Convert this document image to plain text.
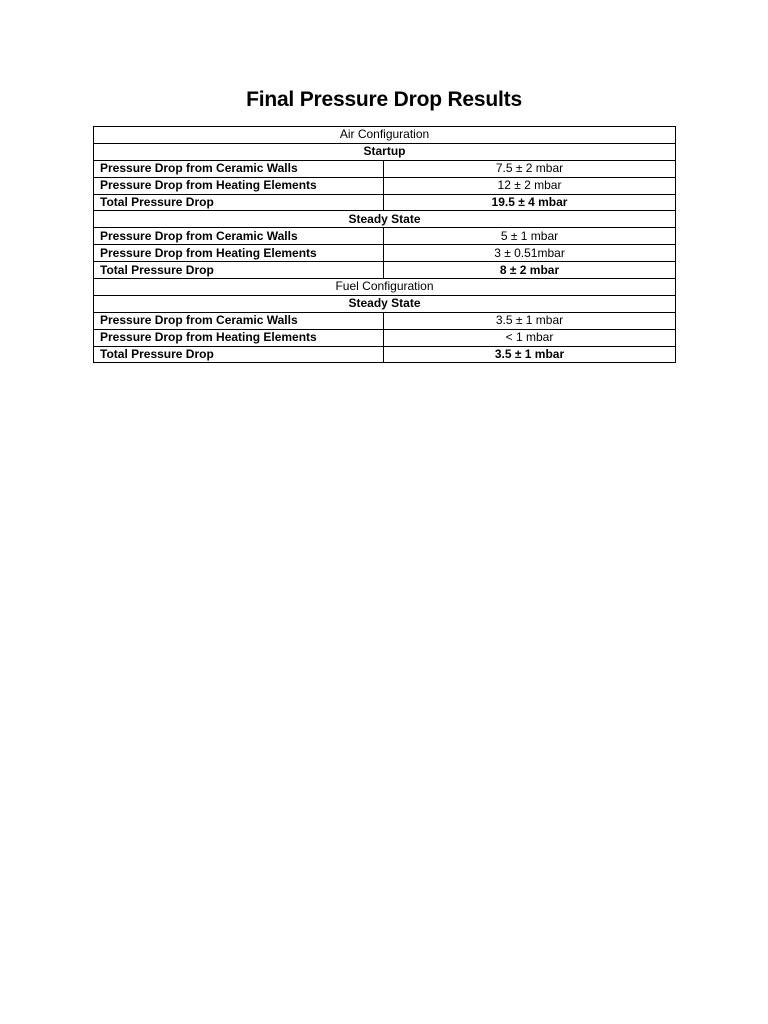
Final Pressure Drop Results
Air Configuration	
Startup	
Pressure Drop from Ceramic Walls	7.5 ± 2 mbar
Pressure Drop from Heating Elements	12 ± 2 mbar
Total Pressure Drop	19.5 ± 4 mbar
Steady State	
Pressure Drop from Ceramic Walls	5 ± 1 mbar
Pressure Drop from Heating Elements	3 ± 0.51mbar
Total Pressure Drop	8 ± 2 mbar
Fuel Configuration	
Steady State	
Pressure Drop from Ceramic Walls	3.5 ± 1 mbar
Pressure Drop from Heating Elements	< 1 mbar
Total Pressure Drop	3.5 ± 1 mbar
